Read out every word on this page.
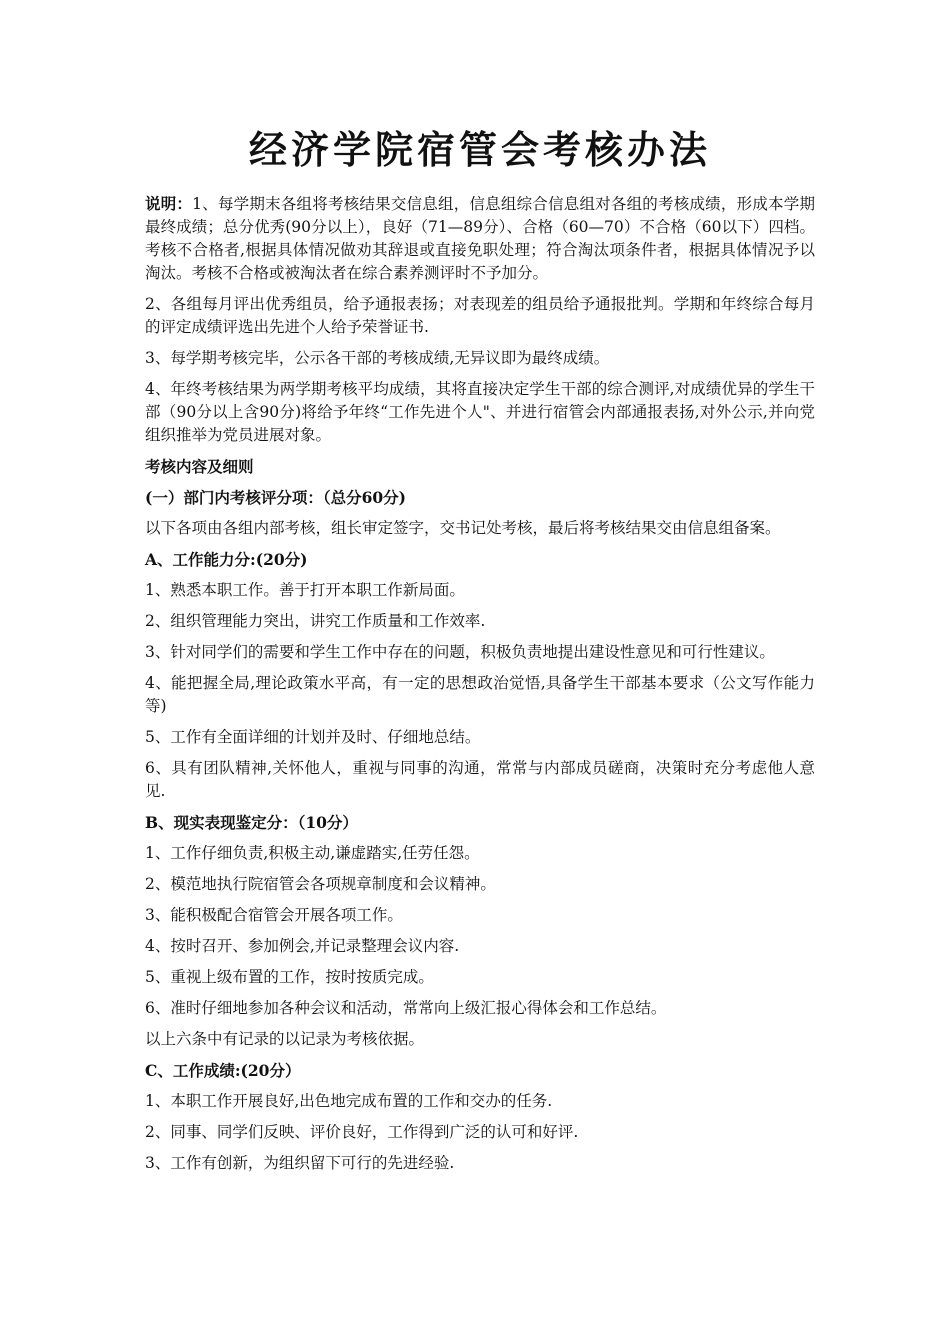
经济学院宿管会考核办法

说明：1、每学期末各组将考核结果交信息组，信息组综合信息组对各组的考核成绩，形成本学期最终成绩；总分优秀(90分以上），良好（71—89分）、合格（60—70）不合格（60以下）四档。考核不合格者,根据具体情况做劝其辞退或直接免职处理；符合淘汰项条件者，根据具体情况予以淘汰。考核不合格或被淘汰者在综合素养测评时不予加分。

2、各组每月评出优秀组员，给予通报表扬；对表现差的组员给予通报批判。学期和年终综合每月的评定成绩评选出先进个人给予荣誉证书.

3、每学期考核完毕，公示各干部的考核成绩,无异议即为最终成绩。

4、年终考核结果为两学期考核平均成绩，其将直接决定学生干部的综合测评,对成绩优异的学生干部（90分以上含90分)将给予年终“工作先进个人"、并进行宿管会内部通报表扬,对外公示,并向党组织推举为党员进展对象。

考核内容及细则

(一）部门内考核评分项：（总分60分)

以下各项由各组内部考核，组长审定签字，交书记处考核，最后将考核结果交由信息组备案。

A、工作能力分:(20分)

1、熟悉本职工作。善于打开本职工作新局面。

2、组织管理能力突出，讲究工作质量和工作效率.

3、针对同学们的需要和学生工作中存在的问题，积极负责地提出建设性意见和可行性建议。

4、能把握全局,理论政策水平高，有一定的思想政治觉悟,具备学生干部基本要求（公文写作能力等)

5、工作有全面详细的计划并及时、仔细地总结。

6、具有团队精神,关怀他人，重视与同事的沟通，常常与内部成员磋商，决策时充分考虑他人意见.

B、现实表现鉴定分：（10分）

1、工作仔细负责,积极主动,谦虚踏实,任劳任怨。

2、模范地执行院宿管会各项规章制度和会议精神。

3、能积极配合宿管会开展各项工作。

4、按时召开、参加例会,并记录整理会议内容.

5、重视上级布置的工作，按时按质完成。

6、准时仔细地参加各种会议和活动，常常向上级汇报心得体会和工作总结。

以上六条中有记录的以记录为考核依据。

C、工作成绩:(20分）

1、本职工作开展良好,出色地完成布置的工作和交办的任务.

2、同事、同学们反映、评价良好，工作得到广泛的认可和好评.

3、工作有创新，为组织留下可行的先进经验.
